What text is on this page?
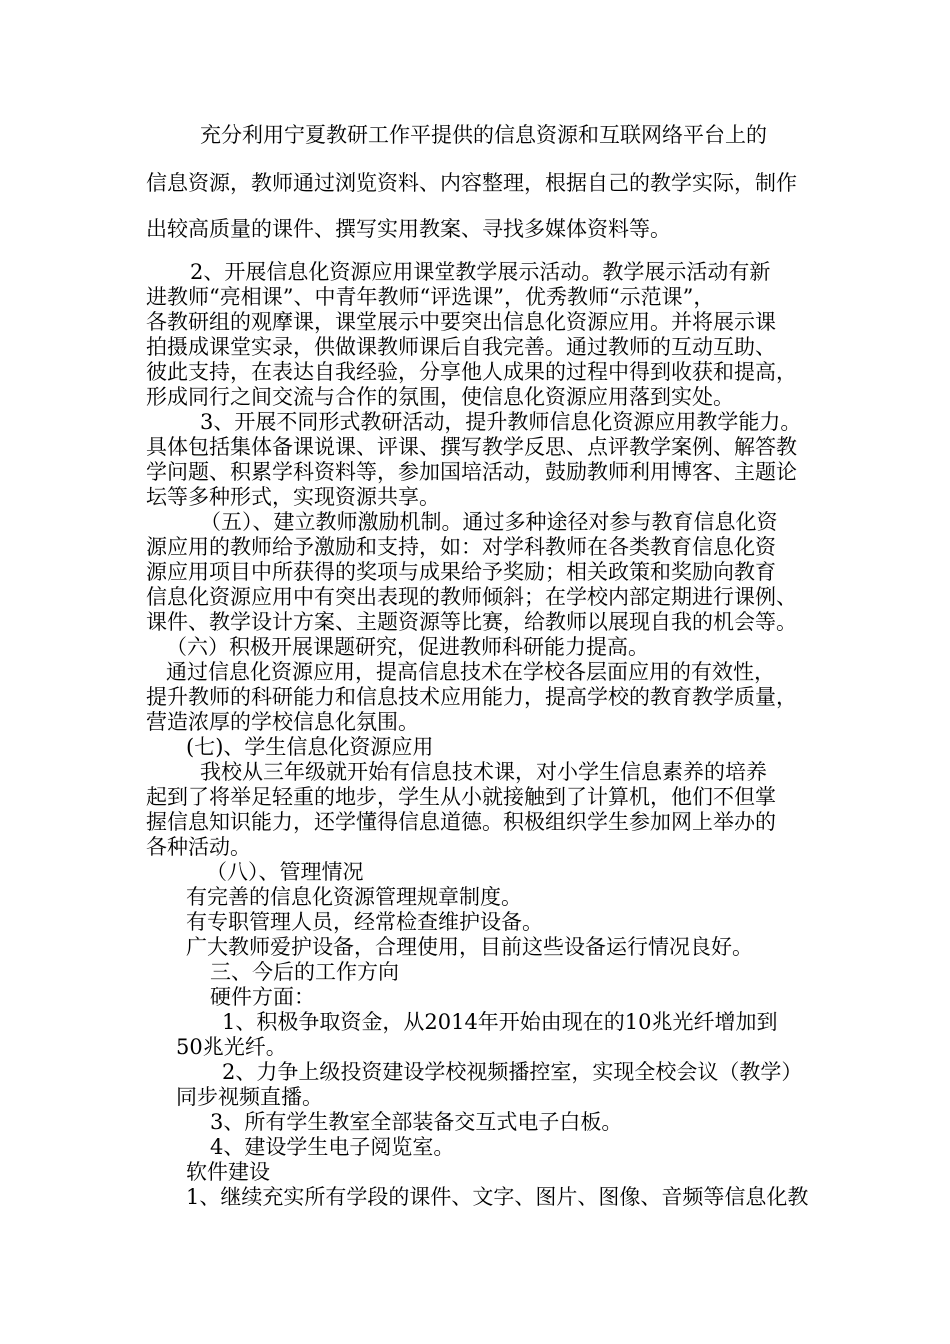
充分利用宁夏教研工作平提供的信息资源和互联网络平台上的
信息资源，教师通过浏览资料、内容整理，根据自己的教学实际，制作
出较高质量的课件、撰写实用教案、寻找多媒体资料等。
2、开展信息化资源应用课堂教学展示活动。教学展示活动有新
进教师“亮相课”、中青年教师“评选课”，优秀教师“示范课”，
各教研组的观摩课，课堂展示中要突出信息化资源应用。并将展示课
拍摄成课堂实录，供做课教师课后自我完善。通过教师的互动互助、
彼此支持，在表达自我经验，分享他人成果的过程中得到收获和提高，
形成同行之间交流与合作的氛围，使信息化资源应用落到实处。
3、开展不同形式教研活动，提升教师信息化资源应用教学能力。
具体包括集体备课说课、评课、撰写教学反思、点评教学案例、解答教
学问题、积累学科资料等，参加国培活动，鼓励教师利用博客、主题论
坛等多种形式，实现资源共享。
（五）、建立教师激励机制。通过多种途径对参与教育信息化资
源应用的教师给予激励和支持，如：对学科教师在各类教育信息化资
源应用项目中所获得的奖项与成果给予奖励；相关政策和奖励向教育
信息化资源应用中有突出表现的教师倾斜；在学校内部定期进行课例、
课件、教学设计方案、主题资源等比赛，给教师以展现自我的机会等。
（六）积极开展课题研究，促进教师科研能力提高。
通过信息化资源应用，提高信息技术在学校各层面应用的有效性，
提升教师的科研能力和信息技术应用能力，提高学校的教育教学质量，
营造浓厚的学校信息化氛围。
(七)、学生信息化资源应用
我校从三年级就开始有信息技术课，对小学生信息素养的培养
起到了将举足轻重的地步，学生从小就接触到了计算机，他们不但掌
握信息知识能力，还学懂得信息道德。积极组织学生参加网上举办的
各种活动。
（八）、管理情况
有完善的信息化资源管理规章制度。
有专职管理人员，经常检查维护设备。
广大教师爱护设备，合理使用，目前这些设备运行情况良好。
三、今后的工作方向
硬件方面：
1、积极争取资金，从2014年开始由现在的10兆光纤增加到
50兆光纤。
2、力争上级投资建设学校视频播控室，实现全校会议（教学）
同步视频直播。
3、所有学生教室全部装备交互式电子白板。
4、建设学生电子阅览室。
软件建设
1、继续充实所有学段的课件、文字、图片、图像、音频等信息化教
